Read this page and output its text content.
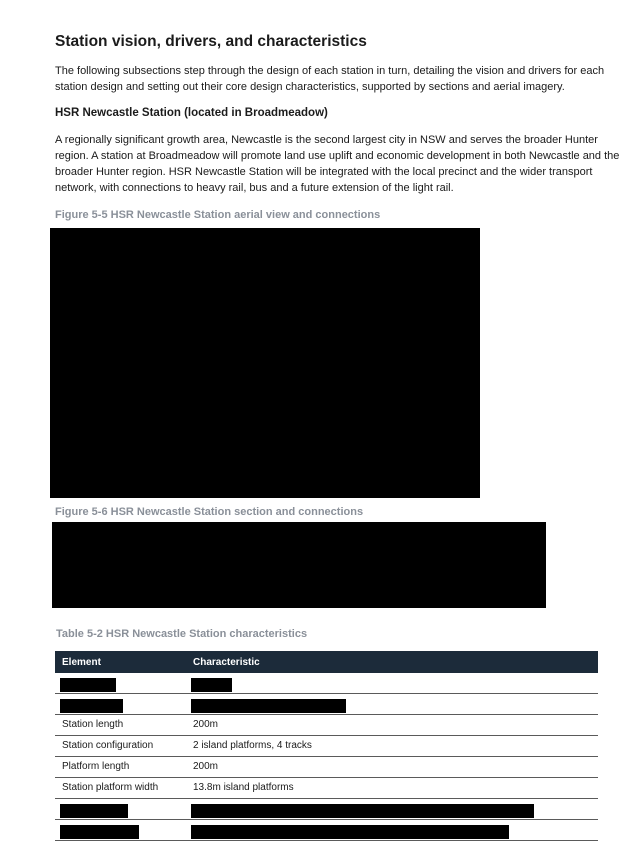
Station vision, drivers, and characteristics
The following subsections step through the design of each station in turn, detailing the vision and drivers for each station design and setting out their core design characteristics, supported by sections and aerial imagery.
HSR Newcastle Station (located in Broadmeadow)
A regionally significant growth area, Newcastle is the second largest city in NSW and serves the broader Hunter region. A station at Broadmeadow will promote land use uplift and economic development in both Newcastle and the broader Hunter region. HSR Newcastle Station will be integrated with the local precinct and the wider transport network, with connections to heavy rail, bus and a future extension of the light rail.
Figure 5-5 HSR Newcastle Station aerial view and connections
Figure 5-6 HSR Newcastle Station section and connections
Table 5-2 HSR Newcastle Station characteristics
Element	Characteristic
Station length	200m
Station configuration	2 island platforms, 4 tracks
Platform length	200m
Station platform width	13.8m island platforms
